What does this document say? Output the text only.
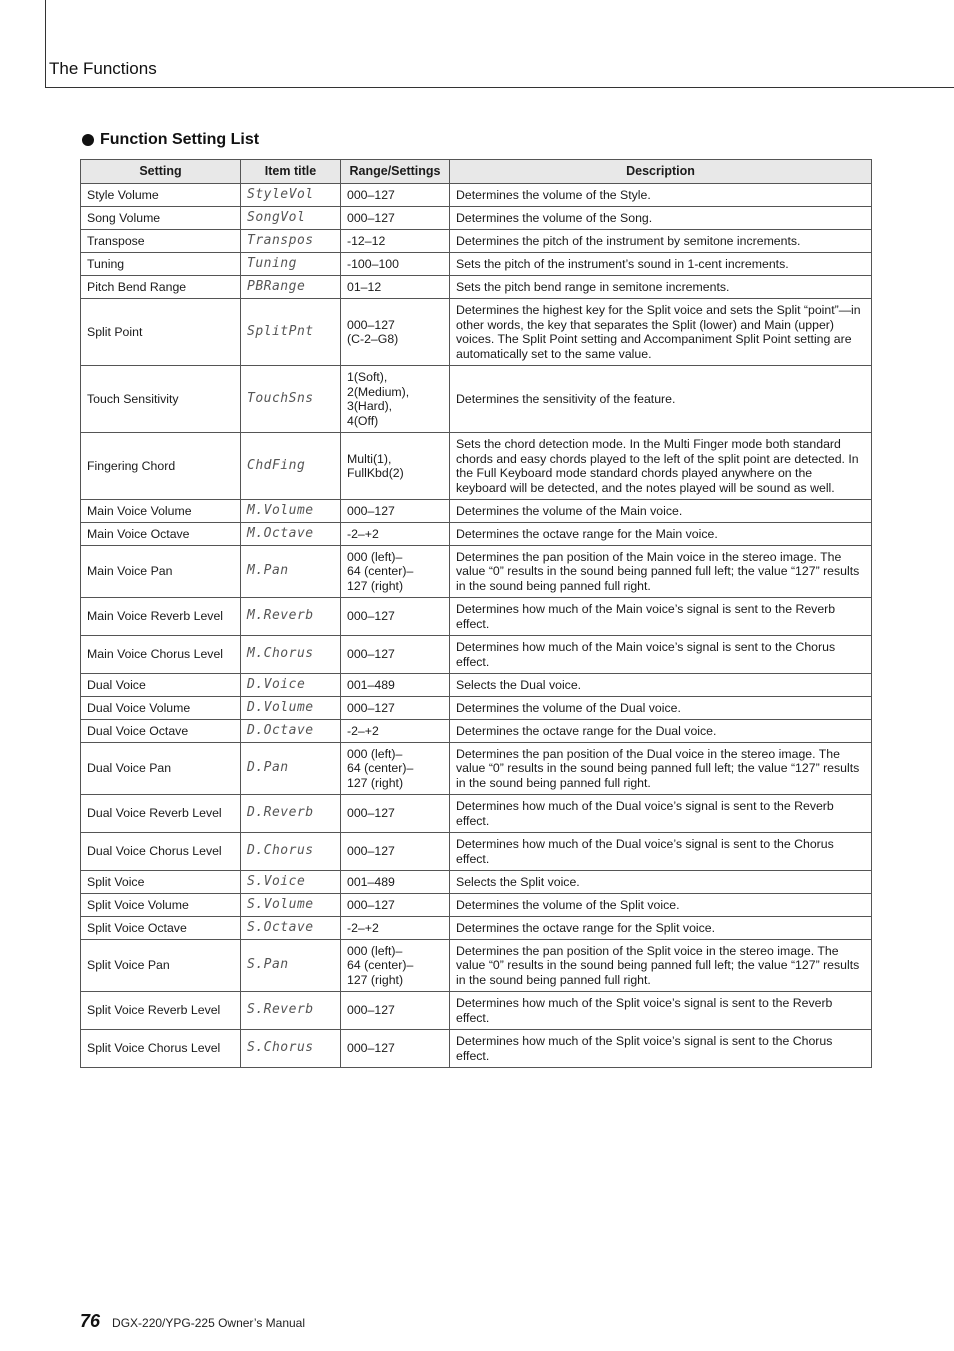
The Functions
Function Setting List
Setting	Item title	Range/Settings	Description
Style Volume	StyleVol	000–127	Determines the volume of the Style.
Song Volume	SongVol	000–127	Determines the volume of the Song.
Transpose	Transpos	-12–12	Determines the pitch of the instrument by semitone increments.
Tuning	Tuning	-100–100	Sets the pitch of the instrument’s sound in 1-cent increments.
Pitch Bend Range	PBRange	01–12	Sets the pitch bend range in semitone increments.
Split Point	SplitPnt	000–127
(C-2–G8)	Determines the highest key for the Split voice and sets the Split “point”—in other words, the key that separates the Split (lower) and Main (upper) voices. The Split Point setting and Accompaniment Split Point setting are automatically set to the same value.
Touch Sensitivity	TouchSns	1(Soft),
2(Medium),
3(Hard),
4(Off)	Determines the sensitivity of the feature.
Fingering Chord	ChdFing	Multi(1),
FullKbd(2)	Sets the chord detection mode. In the Multi Finger mode both standard chords and easy chords played to the left of the split point are detected. In the Full Keyboard mode standard chords played anywhere on the keyboard will be detected, and the notes played will be sound as well.
Main Voice Volume	M.Volume	000–127	Determines the volume of the Main voice.
Main Voice Octave	M.Octave	-2–+2	Determines the octave range for the Main voice.
Main Voice Pan	M.Pan	000 (left)–
64 (center)–
127 (right)	Determines the pan position of the Main voice in the stereo image. The value “0” results in the sound being panned full left; the value “127” results in the sound being panned full right.
Main Voice Reverb Level	M.Reverb	000–127	Determines how much of the Main voice’s signal is sent to the Reverb effect.
Main Voice Chorus Level	M.Chorus	000–127	Determines how much of the Main voice’s signal is sent to the Chorus effect.
Dual Voice	D.Voice	001–489	Selects the Dual voice.
Dual Voice Volume	D.Volume	000–127	Determines the volume of the Dual voice.
Dual Voice Octave	D.Octave	-2–+2	Determines the octave range for the Dual voice.
Dual Voice Pan	D.Pan	000 (left)–
64 (center)–
127 (right)	Determines the pan position of the Dual voice in the stereo image. The value “0” results in the sound being panned full left; the value “127” results in the sound being panned full right.
Dual Voice Reverb Level	D.Reverb	000–127	Determines how much of the Dual voice’s signal is sent to the Reverb effect.
Dual Voice Chorus Level	D.Chorus	000–127	Determines how much of the Dual voice’s signal is sent to the Chorus effect.
Split Voice	S.Voice	001–489	Selects the Split voice.
Split Voice Volume	S.Volume	000–127	Determines the volume of the Split voice.
Split Voice Octave	S.Octave	-2–+2	Determines the octave range for the Split voice.
Split Voice Pan	S.Pan	000 (left)–
64 (center)–
127 (right)	Determines the pan position of the Split voice in the stereo image. The value “0” results in the sound being panned full left; the value “127” results in the sound being panned full right.
Split Voice Reverb Level	S.Reverb	000–127	Determines how much of the Split voice’s signal is sent to the Reverb effect.
Split Voice Chorus Level	S.Chorus	000–127	Determines how much of the Split voice’s signal is sent to the Chorus effect.
76 DGX-220/YPG-225 Owner’s Manual
